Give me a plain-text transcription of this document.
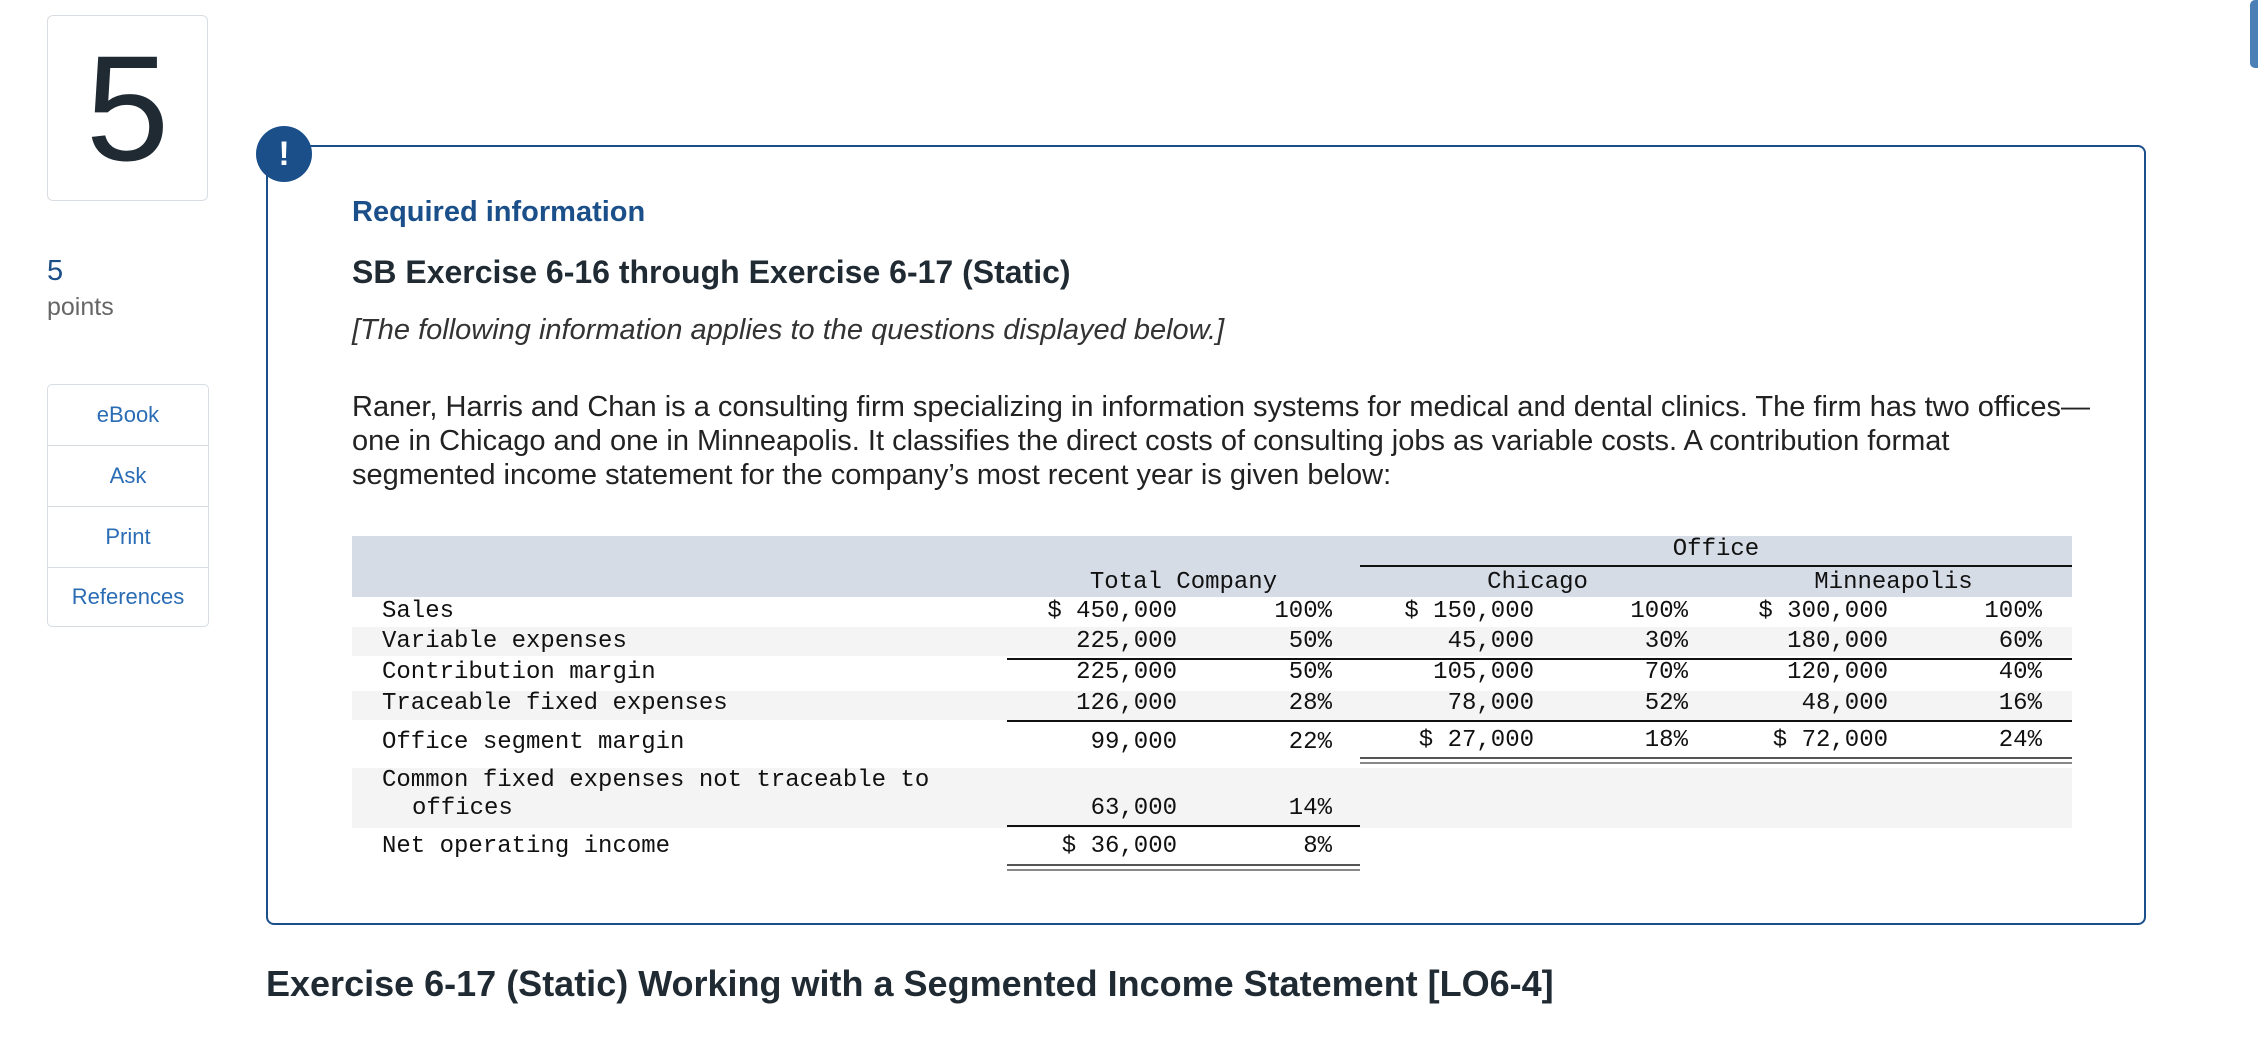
5
5
points
eBook
Ask
Print
References
!
Required information
SB Exercise 6-16 through Exercise 6-17 (Static)
[The following information applies to the questions displayed below.]

Raner, Harris and Chan is a consulting firm specializing in information systems for medical and dental clinics. The firm has two offices—one in Chicago and one in Minneapolis. It classifies the direct costs of consulting jobs as variable costs. A contribution format segmented income statement for the company’s most recent year is given below:

Office
Total Company	Chicago	Minneapolis
Sales	$ 450,000	100%	$ 150,000	100%	$ 300,000	100%
Variable expenses	225,000	50%	45,000	30%	180,000	60%
Contribution margin	225,000	50%	105,000	70%	120,000	40%
Traceable fixed expenses	126,000	28%	78,000	52%	48,000	16%
Office segment margin	99,000	22%	$ 27,000	18%	$ 72,000	24%
Common fixed expenses not traceable to
offices	63,000	14%
Net operating income	$ 36,000	8%
Exercise 6-17 (Static) Working with a Segmented Income Statement [LO6-4]
